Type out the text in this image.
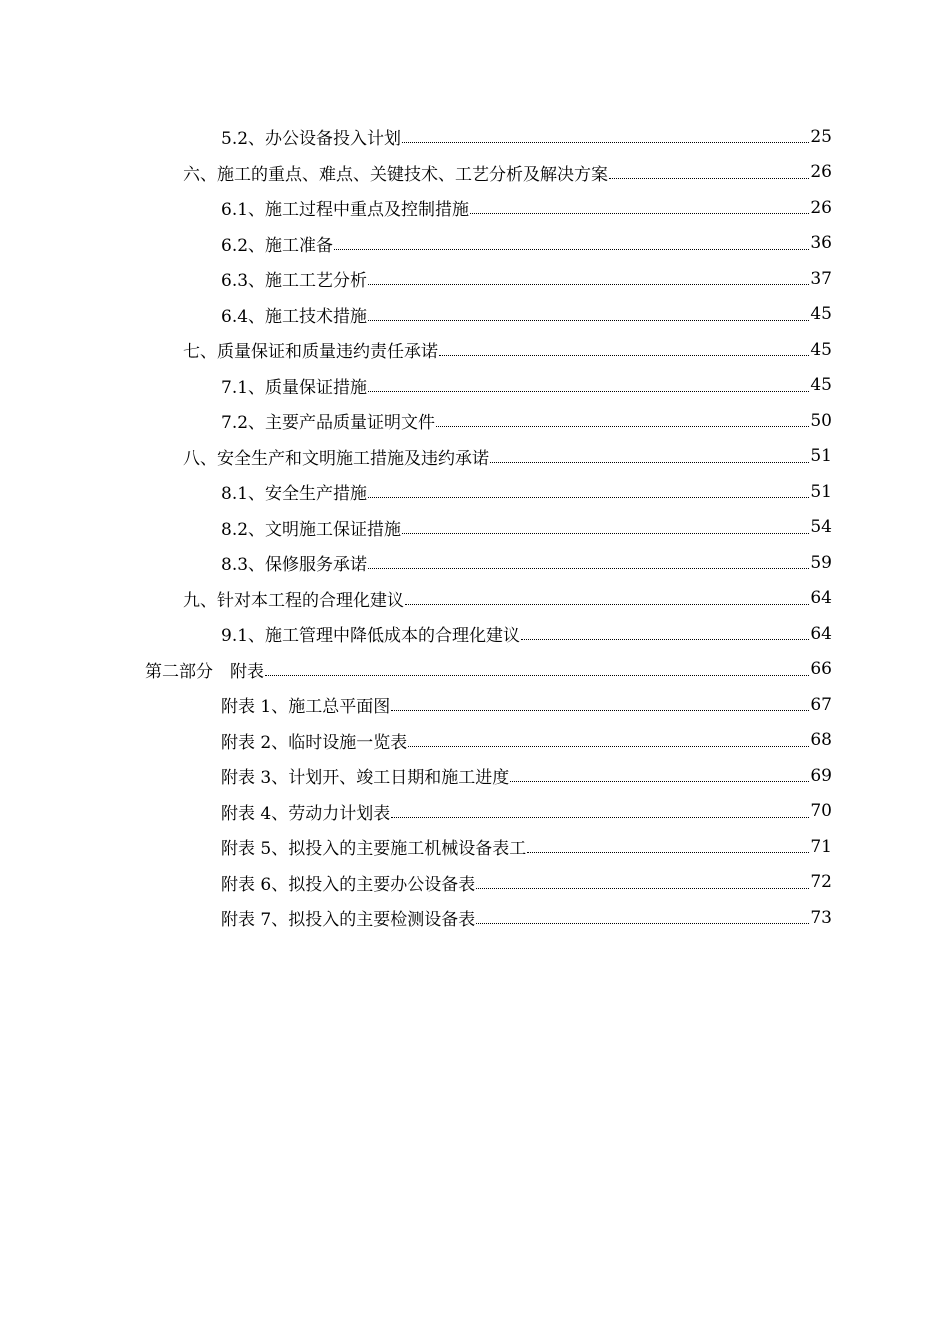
5.2、办公设备投入计划	25
六、施工的重点、难点、关键技术、工艺分析及解决方案	26
6.1、施工过程中重点及控制措施	26
6.2、施工准备	36
6.3、施工工艺分析	37
6.4、施工技术措施	45
七、质量保证和质量违约责任承诺	45
7.1、质量保证措施	45
7.2、主要产品质量证明文件	50
八、安全生产和文明施工措施及违约承诺	51
8.1、安全生产措施	51
8.2、文明施工保证措施	54
8.3、保修服务承诺	59
九、针对本工程的合理化建议	64
9.1、施工管理中降低成本的合理化建议	64
第二部分　附表	66
附表 1、施工总平面图	67
附表 2、临时设施一览表	68
附表 3、计划开、竣工日期和施工进度	69
附表 4、劳动力计划表	70
附表 5、拟投入的主要施工机械设备表工	71
附表 6、拟投入的主要办公设备表	72
附表 7、拟投入的主要检测设备表	73
